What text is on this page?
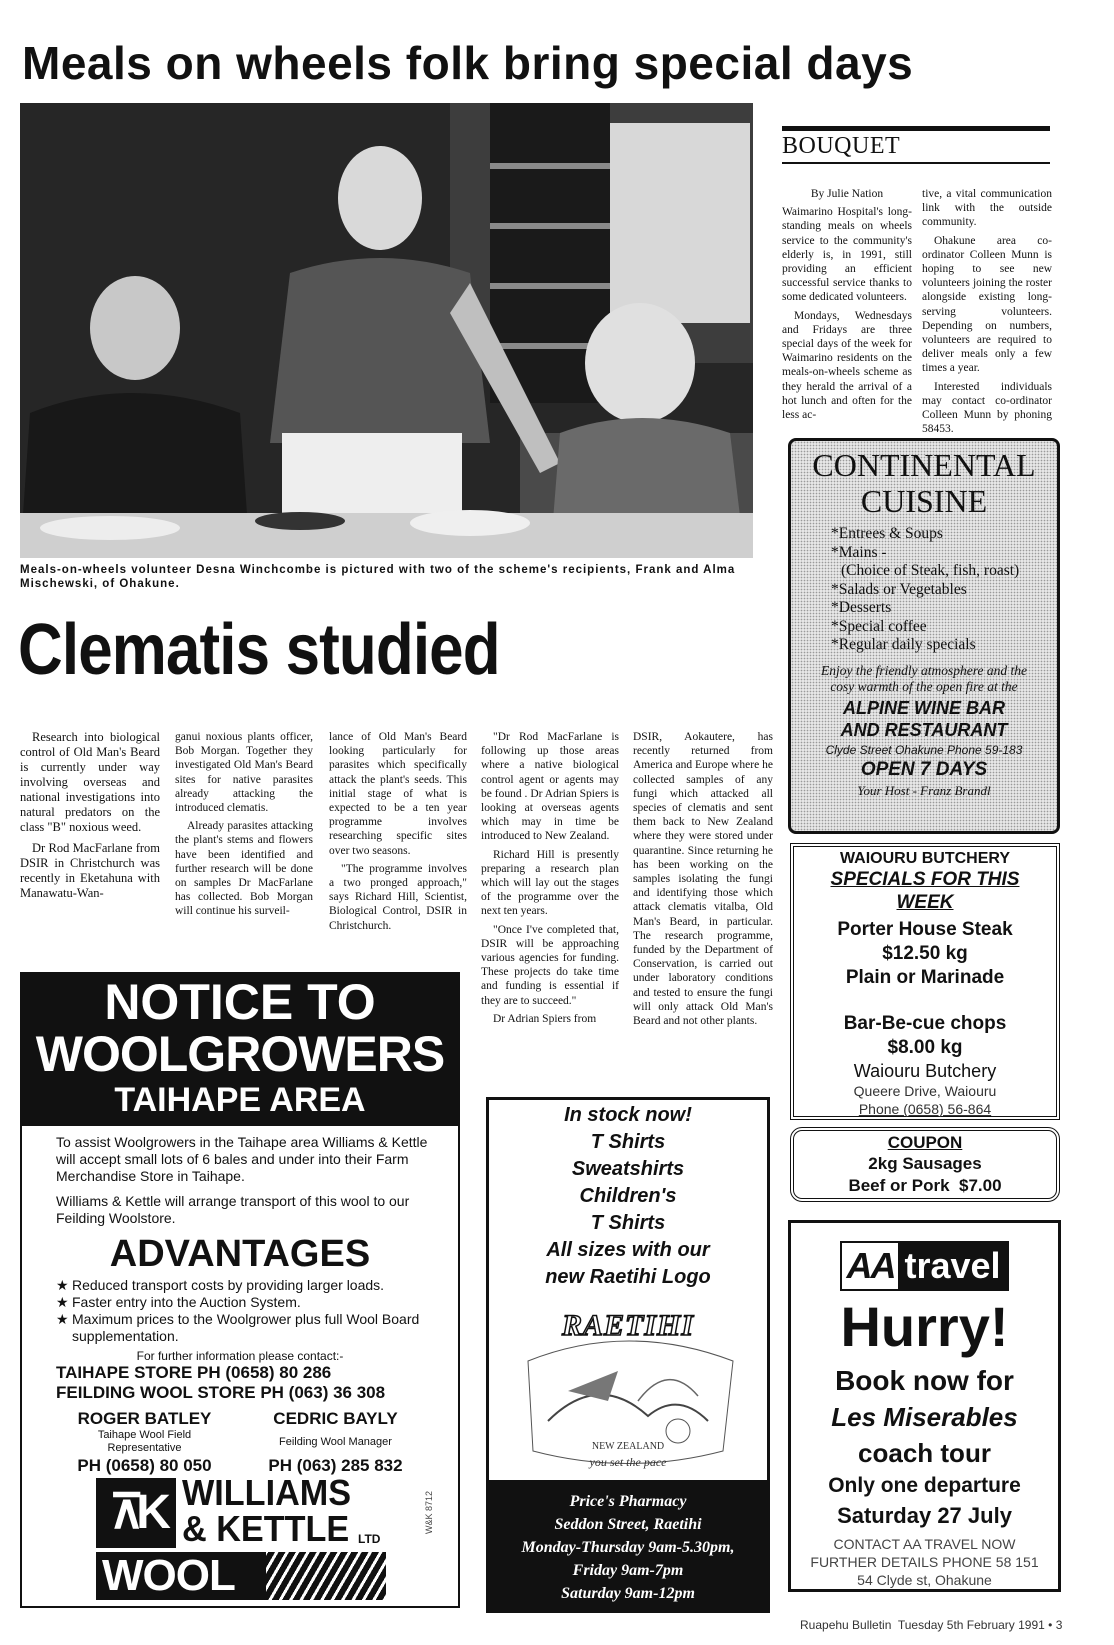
Meals on wheels folk bring special days
Meals-on-wheels volunteer Desna Winchcombe is pictured with two of the scheme's recipients, Frank and Alma Mischewski, of Ohakune.
BOUQUET

By Julie Nation

Waimarino Hospital's long-standing meals on wheels service to the community's elderly is, in 1991, still providing an efficient successful service thanks to some dedicated volunteers.

Mondays, Wednesdays and Fridays are three special days of the week for Waimarino residents on the meals-on-wheels scheme as they herald the arrival of a hot lunch and often for the less ac-

tive, a vital communication link with the outside community.

Ohakune area co-ordinator Colleen Munn is hoping to see new volunteers joining the roster alongside existing long-serving volunteers. Depending on numbers, volunteers are required to deliver meals only a few times a year.

Interested individuals may contact co-ordinator Colleen Munn by phoning 58453.

CONTINENTAL
CUISINE
*Entrees & Soups
*Mains -
(Choice of Steak, fish, roast)
*Salads or Vegetables
*Desserts
*Special coffee
*Regular daily specials
Enjoy the friendly atmosphere and the
cosy warmth of the open fire at the
ALPINE WINE BAR
AND RESTAURANT
Clyde Street Ohakune Phone 59-183
OPEN 7 DAYS
Your Host - Franz Brandl
Clematis studied

Research into biological control of Old Man's Beard is currently under way involving overseas and national investigations into natural predators on the class "B" noxious weed.

Dr Rod MacFarlane from DSIR in Christchurch was recently in Eketahuna with Manawatu-Wan-

ganui noxious plants officer, Bob Morgan. Together they investigated Old Man's Beard sites for native parasites already attacking the introduced clematis.

Already parasites attacking the plant's stems and flowers have been identified and further research will be done on samples Dr MacFarlane has collected. Bob Morgan will continue his surveil-

lance of Old Man's Beard looking particularly for parasites which specifically attack the plant's seeds. This initial stage of what is expected to be a ten year programme involves researching specific sites over two seasons.

"The programme involves a two pronged approach," says Richard Hill, Scientist, Biological Control, DSIR in Christchurch.

"Dr Rod MacFarlane is following up those areas where a native biological control agent or agents may be found . Dr Adrian Spiers is looking at overseas agents which may in time be introduced to New Zealand.

Richard Hill is presently preparing a research plan which will lay out the stages of the programme over the next ten years.

"Once I've completed that, DSIR will be approaching various agencies for funding. These projects do take time and funding is essential if they are to succeed."

Dr Adrian Spiers from

DSIR, Aokautere, has recently returned from America and Europe where he collected samples of any fungi which attacked all species of clematis and sent them back to New Zealand where they were stored under quarantine. Since returning he has been working on the samples isolating the fungi and identifying those which attack clematis vitalba, Old Man's Beard, in particular. The research programme, funded by the Department of Conservation, is carried out under laboratory conditions and tested to ensure the fungi will only attack Old Man's Beard and not other plants.

WAIOURU BUTCHERY
SPECIALS FOR THIS
WEEK
Porter House Steak
$12.50 kg
Plain or Marinade
Bar-Be-cue chops
$8.00 kg
Waiouru Butchery
Queere Drive, Waiouru
Phone (0658) 56-864
COUPON
2kg Sausages
Beef or Pork  $7.00
AA travel
Hurry!
Book now for
Les Miserables
coach tour
Only one departure
Saturday 27 July
CONTACT AA TRAVEL NOW
FURTHER DETAILS PHONE 58 151
54 Clyde st, Ohakune
NOTICE TO
WOOLGROWERS
TAIHAPE AREA

To assist Woolgrowers in the Taihape area Williams & Kettle will accept small lots of 6 bales and under into their Farm Merchandise Store in Taihape.

Williams & Kettle will arrange transport of this wool to our Feilding Woolstore.

ADVANTAGES
★ Reduced transport costs by providing larger loads.
★ Faster entry into the Auction System.
★ Maximum prices to the Woolgrower plus full Wool Board supplementation.
For further information please contact:-
TAIHAPE STORE PH (0658) 80 286
FEILDING WOOL STORE PH (063) 36 308
ROGER BATLEY
Taihape Wool Field
Representative
PH (0658) 80 050
CEDRIC BAYLY
Feilding Wool Manager
PH (063) 285 832
⊼K WILLIAMS
& KETTLE LTD
WOOL
W&K 8712
In stock now!
T Shirts
Sweatshirts
Children's
T Shirts
All sizes with our
new Raetihi Logo
RAETIHI
NEW ZEALAND
you set the pace
Price's Pharmacy
Seddon Street, Raetihi
Monday-Thursday 9am-5.30pm,
Friday 9am-7pm
Saturday 9am-12pm
Ruapehu Bulletin  Tuesday 5th February 1991 • 3
